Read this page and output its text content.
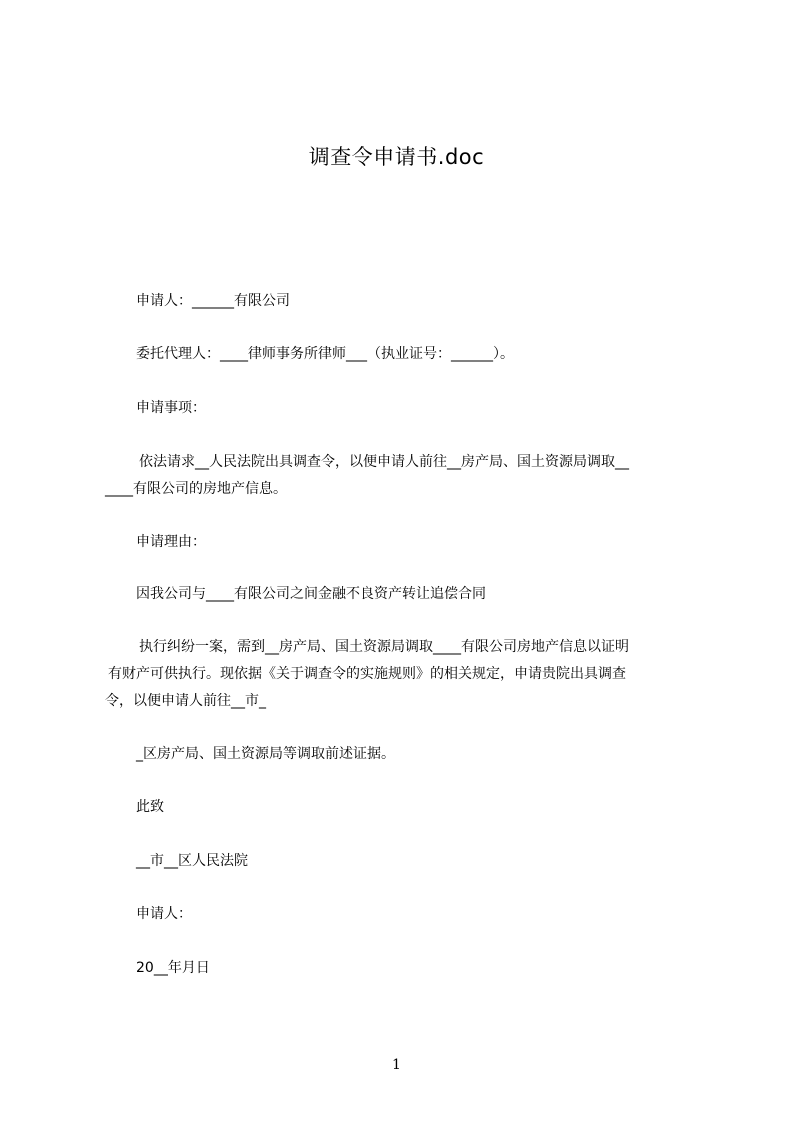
调查令申请书.doc
申请人：______有限公司
委托代理人：____律师事务所律师___（执业证号：______）。
申请事项：
依法请求__人民法院出具调查令，以便申请人前往__房产局、国土资源局调取__
____有限公司的房地产信息。
申请理由：
因我公司与____有限公司之间金融不良资产转让追偿合同
执行纠纷一案，需到__房产局、国土资源局调取____有限公司房地产信息以证明
有财产可供执行。现依据《关于调查令的实施规则》的相关规定，申请贵院出具调查
令，以便申请人前往__市_
_区房产局、国土资源局等调取前述证据。
此致
__市__区人民法院
申请人：
20__年月日
1
